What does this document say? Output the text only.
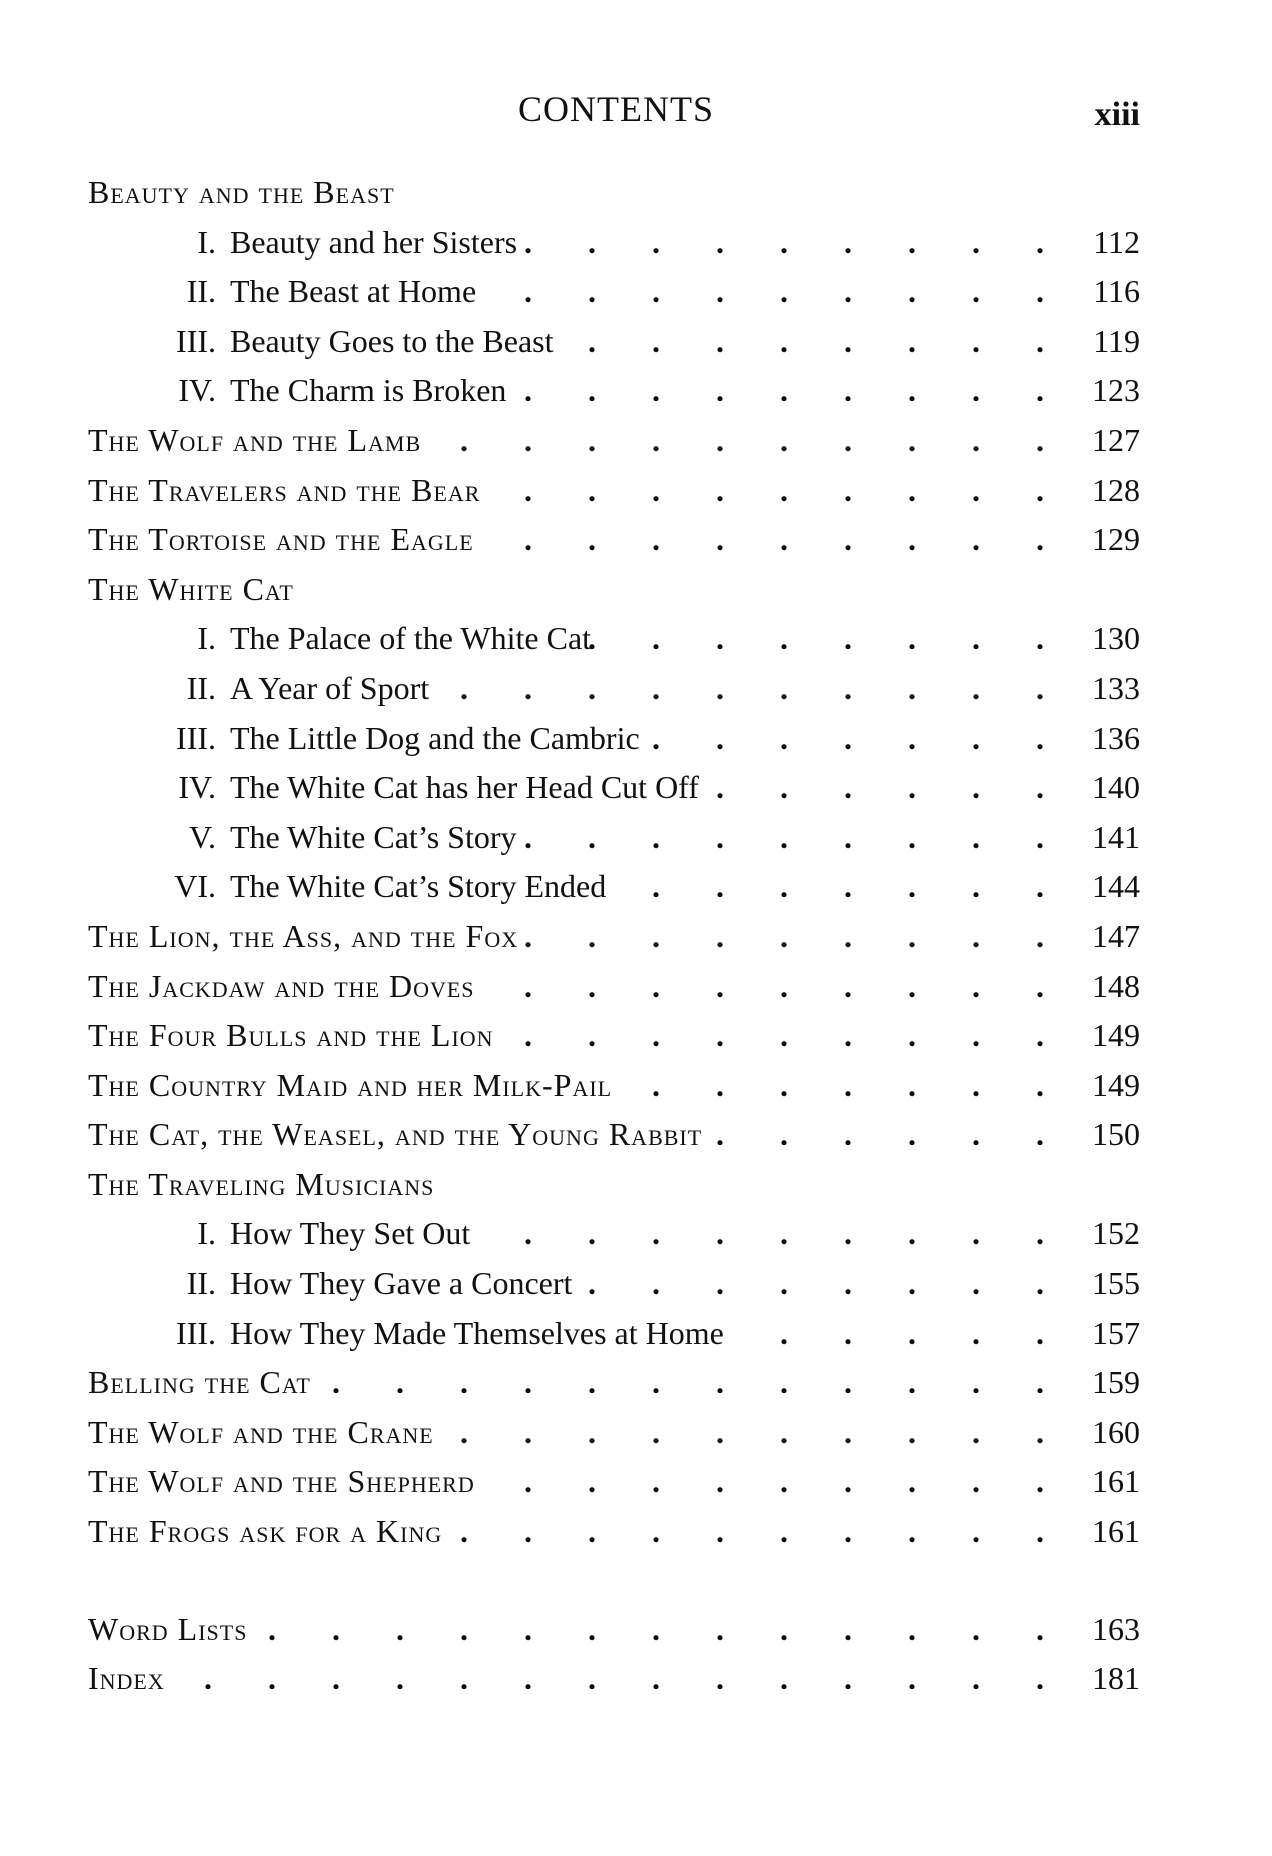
CONTENTS	xiii
Beauty and the Beast
I. Beauty and her Sisters . . . . . . . . . 112
II. The Beast at Home . . . . . . . . . 116
III. Beauty Goes to the Beast . . . . . . . . 119
IV. The Charm is Broken . . . . . . . . . 123
The Wolf and the Lamb . . . . . . . . . . 127
The Travelers and the Bear . . . . . . . . . 128
The Tortoise and the Eagle . . . . . . . . . 129
The White Cat
I. The Palace of the White Cat
. . . . . . . . 130
II. A Year of Sport . . . . . . . . . . 133
III. The Little Dog and the Cambric . . . . . . . 136
IV. The White Cat has her Head Cut Off . . . . . . 140
V. The White Cat’s Story . . . . . . . . . 141
VI. The White Cat’s Story Ended . . . . . . . 144
The Lion, the Ass, and the Fox . . . . . . . . . 147
The Jackdaw and the Doves . . . . . . . . . 148
The Four Bulls and the Lion . . . . . . . . . 149
The Country Maid and her Milk-Pail . . . . . . . 149
The Cat, the Weasel, and the Young Rabbit . . . . . . 150
The Traveling Musicians
I. How They Set Out . . . . . . . . . 152
II. How They Gave a Concert . . . . . . . . 155
III. How They Made Themselves at Home . . . . . 157
Belling the Cat . . . . . . . . . . . . 159
The Wolf and the Crane . . . . . . . . . . 160
The Wolf and the Shepherd . . . . . . . . . 161
The Frogs ask for a King . . . . . . . . . . 161
Word Lists . . . . . . . . . . . . . 163
Index . . . . . . . . . . . . . . 181
